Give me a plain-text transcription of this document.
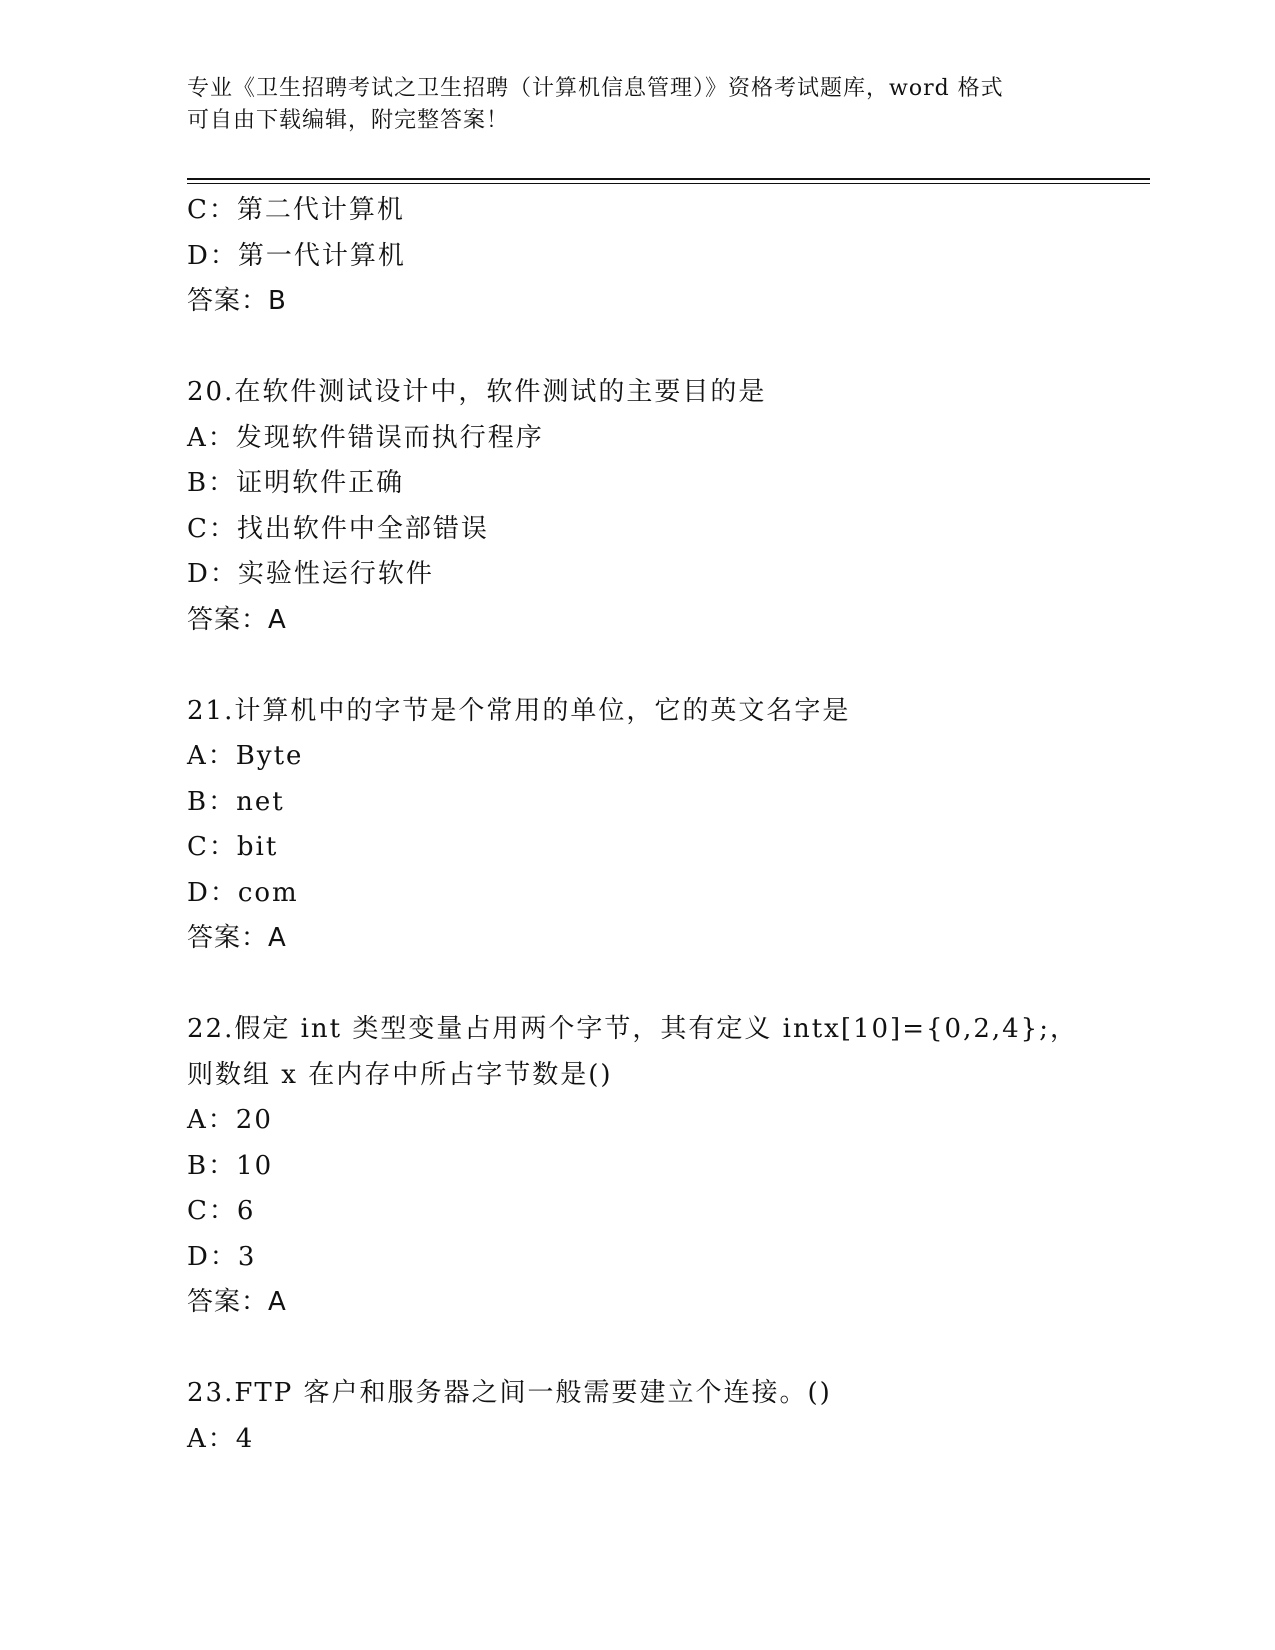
专业《卫生招聘考试之卫生招聘（计算机信息管理）》资格考试题库，word 格式
可自由下载编辑，附完整答案！
C：第二代计算机
D：第一代计算机
答案：B
20.在软件测试设计中，软件测试的主要目的是
A：发现软件错误而执行程序
B：证明软件正确
C：找出软件中全部错误
D：实验性运行软件
答案：A
21.计算机中的字节是个常用的单位，它的英文名字是
A：Byte
B：net
C：bit
D：com
答案：A
22.假定 int 类型变量占用两个字节，其有定义 intx[10]={0,2,4};，
则数组 x 在内存中所占字节数是()
A：20
B：10
C：6
D：3
答案：A
23.FTP 客户和服务器之间一般需要建立个连接。()
A：4
